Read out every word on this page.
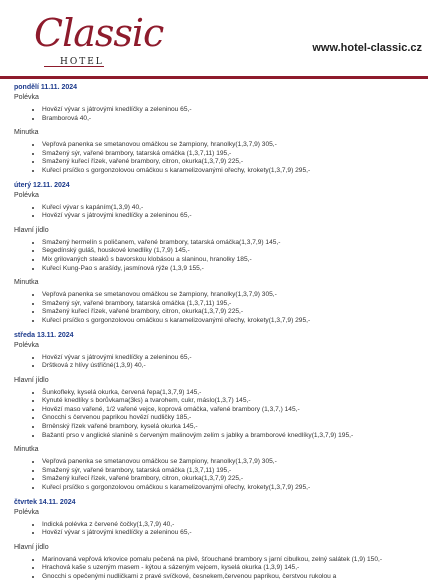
Classic
HOTEL
www.hotel-classic.cz
pondělí 11.11. 2024
Polévka
• Hovězí vývar s játrovými knedlíčky a zeleninou 65,-
• Bramborová 40,-
Minutka
• Vepřová panenka se smetanovou omáčkou se žampiony, hranolky(1,3,7,9) 305,-
• Smažený sýr, vařené brambory, tatarská omáčka (1,3,7,11) 195,-
• Smažený kuřecí řízek, vařené brambory, citron, okurka(1,3,7,9) 225,-
• Kuřecí prsíčko s gorgonzolovou omáčkou s karamelizovanými ořechy, krokety(1,3,7,9) 295,-
úterý 12.11. 2024
Polévka
• Kuřecí vývar s kapáním(1,3,9) 40,-
• Hovězí vývar s játrovými knedlíčky a zeleninou 65,-
Hlavní jídlo
• Smažený hermelín s poličanem, vařené brambory, tatarská omáčka(1,3,7,9) 145,-
• Segedínský guláš, houskové knedlíky (1,7,9) 145,-
• Mix grilovaných steaků s bavorskou klobásou a slaninou, hranolky 185,-
• Kuřecí Kung-Pao s arašídy, jasmínová rýže (1,3,9 155,-
Minutka
• Vepřová panenka se smetanovou omáčkou se žampiony, hranolky(1,3,7,9) 305,-
• Smažený sýr, vařené brambory, tatarská omáčka (1,3,7,11) 195,-
• Smažený kuřecí řízek, vařené brambory, citron, okurka(1,3,7,9) 225,-
• Kuřecí prsíčko s gorgonzolovou omáčkou s karamelizovanými ořechy, krokety(1,3,7,9) 295,-
středa 13.11. 2024
Polévka
• Hovězí vývar s játrovými knedlíčky a zeleninou 65,-
• Drštková z hlívy ústřičné(1,3,9) 40,-
Hlavní jídlo
• Šunkofleky, kyselá okurka, červená řepa(1,3,7,9) 145,-
• Kynuté knedlíky s borůvkama(3ks) a tvarohem, cukr, máslo(1,3,7) 145,-
• Hovězí maso vařené, 1/2 vařené vejce, koprová omáčka, vařené brambory (1,3,7,) 145,-
• Gnocchi s červenou paprikou hovězí nudličky 185,-
• Brněnský řízek vařené brambory, kyselá okurka 145,-
• Bažantí prso v anglické slanině s červeným malinovým zelím s jablky a bramborové knedlíky(1,3,7,9) 195,-
Minutka
• Vepřová panenka se smetanovou omáčkou se žampiony, hranolky(1,3,7,9) 305,-
• Smažený sýr, vařené brambory, tatarská omáčka (1,3,7,11) 195,-
• Smažený kuřecí řízek, vařené brambory, citron, okurka(1,3,7,9) 225,-
• Kuřecí prsíčko s gorgonzolovou omáčkou s karamelizovanými ořechy, krokety(1,3,7,9) 295,-
čtvrtek 14.11. 2024
Polévka
• Indická polévka z červené čočky(1,3,7,9) 40,-
• Hovězí vývar s játrovými knedlíčky a zeleninou 65,-
Hlavní jídlo
• Marinovaná vepřová krkovice pomalu pečená na pivě, šťouchané brambory s jarní cibulkou, zelný salátek (1,9) 150,-
• Hrachová kaše s uzeným masem - kýtou a sázeným vejcem, kyselá okurka (1,3,9) 145,-
• Gnocchi s opečenými nudličkami z pravé svíčkové, česnekem,červenou paprikou, čerstvou rukolou a
